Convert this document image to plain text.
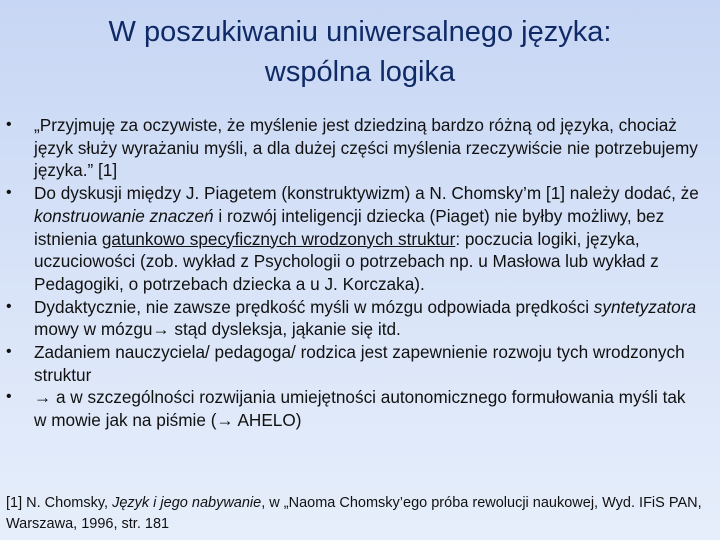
W poszukiwaniu uniwersalnego języka:
wspólna logika
• „Przyjmuję za oczywiste, że myślenie jest dziedziną bardzo różną od języka, chociaż język służy wyrażaniu myśli, a dla dużej części myślenia rzeczywiście nie potrzebujemy języka.” [1]
• Do dyskusji między J. Piagetem (konstruktywizm) a N. Chomsky’m [1] należy dodać, że konstruowanie znaczeń i rozwój inteligencji dziecka (Piaget) nie byłby możliwy, bez istnienia gatunkowo specyficznych wrodzonych struktur: poczucia logiki, języka, uczuciowości (zob. wykład z Psychologii o potrzebach np. u Masłowa lub wykład z Pedagogiki, o potrzebach dziecka a u J. Korczaka).
• Dydaktycznie, nie zawsze prędkość myśli w mózgu odpowiada prędkości syntetyzatora mowy w mózgu→ stąd dysleksja, jąkanie się itd.
• Zadaniem nauczyciela/ pedagoga/ rodzica jest zapewnienie rozwoju tych wrodzonych struktur
• → a w szczególności rozwijania umiejętności autonomicznego formułowania myśli tak w mowie jak na piśmie (→ AHELO)
[1] N. Chomsky, Język i jego nabywanie, w „Naoma Chomsky’ego próba rewolucji naukowej, Wyd. IFiS PAN, Warszawa, 1996, str. 181
